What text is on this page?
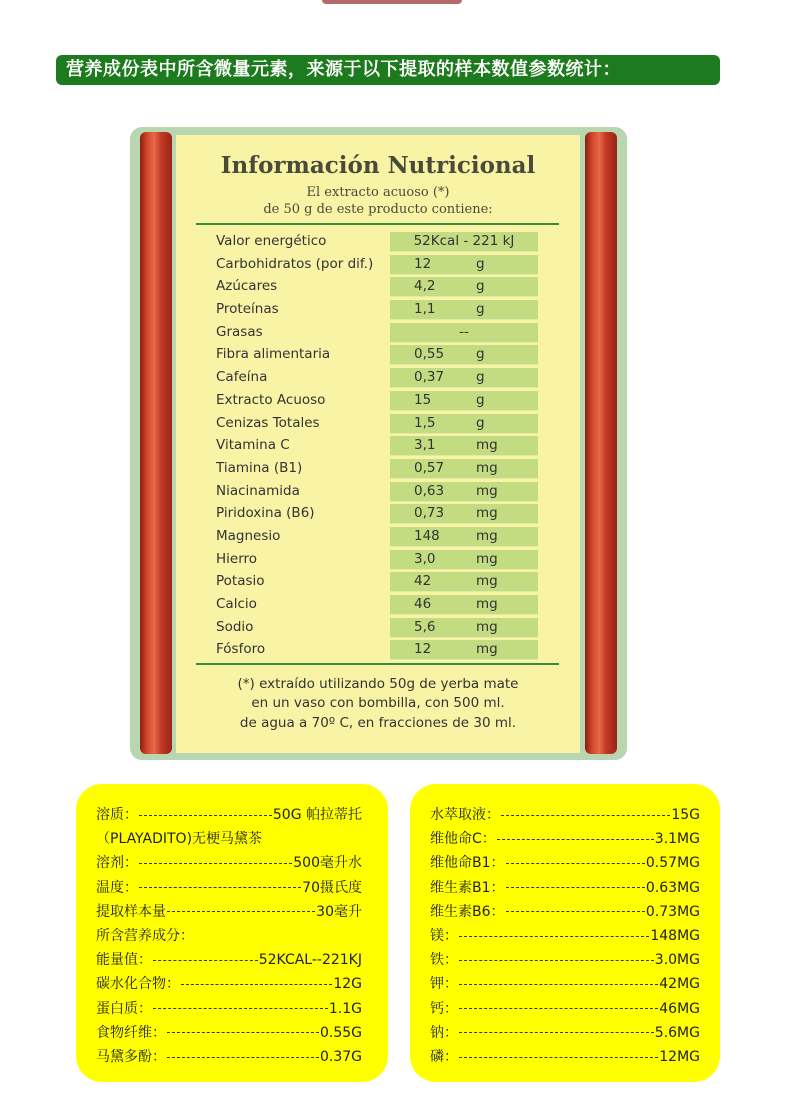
营养成份表中所含微量元素，来源于以下提取的样本数值参数统计：
Información Nutricional
El extracto acuoso (*)
de 50 g de este producto contiene:
Valor energético	52Kcal - 221 kJ
Carbohidratos (por dif.)	12	g
Azúcares	4,2	g
Proteínas	1,1	g
Grasas	--
Fibra alimentaria	0,55 g
Cafeína	0,37 g
Extracto Acuoso	15	g
Cenizas Totales	1,5	g
Vitamina C	3,1	mg
Tiamina (B1)	0,57 mg
Niacinamida	0,63 mg
Piridoxina (B6)	0,73 mg
Magnesio	148	mg
Hierro	3,0	mg
Potasio	42	mg
Calcio	46	mg
Sodio	5,6	mg
Fósforo	12	mg
(*) extraído utilizando 50g de yerba mate
en un vaso con bombilla, con 500 ml.
de agua a 70º C, en fracciones de 30 ml.
溶质：	50G 帕拉蒂托
（PLAYADITO)无梗马黛茶
溶剂：	500毫升水
温度：	70摄氏度
提取样本量	30毫升
所含营养成分：
能量值：	52KCAL--221KJ
碳水化合物：	12G
蛋白质：	1.1G
食物纤维：	0.55G
马黛多酚：	0.37G
水萃取液：	15G
维他命C：	3.1MG
维他命B1：	0.57MG
维生素B1：	0.63MG
维生素B6：	0.73MG
镁：	148MG
铁：	3.0MG
钾：	42MG
钙：	46MG
钠：	5.6MG
磷：	12MG
